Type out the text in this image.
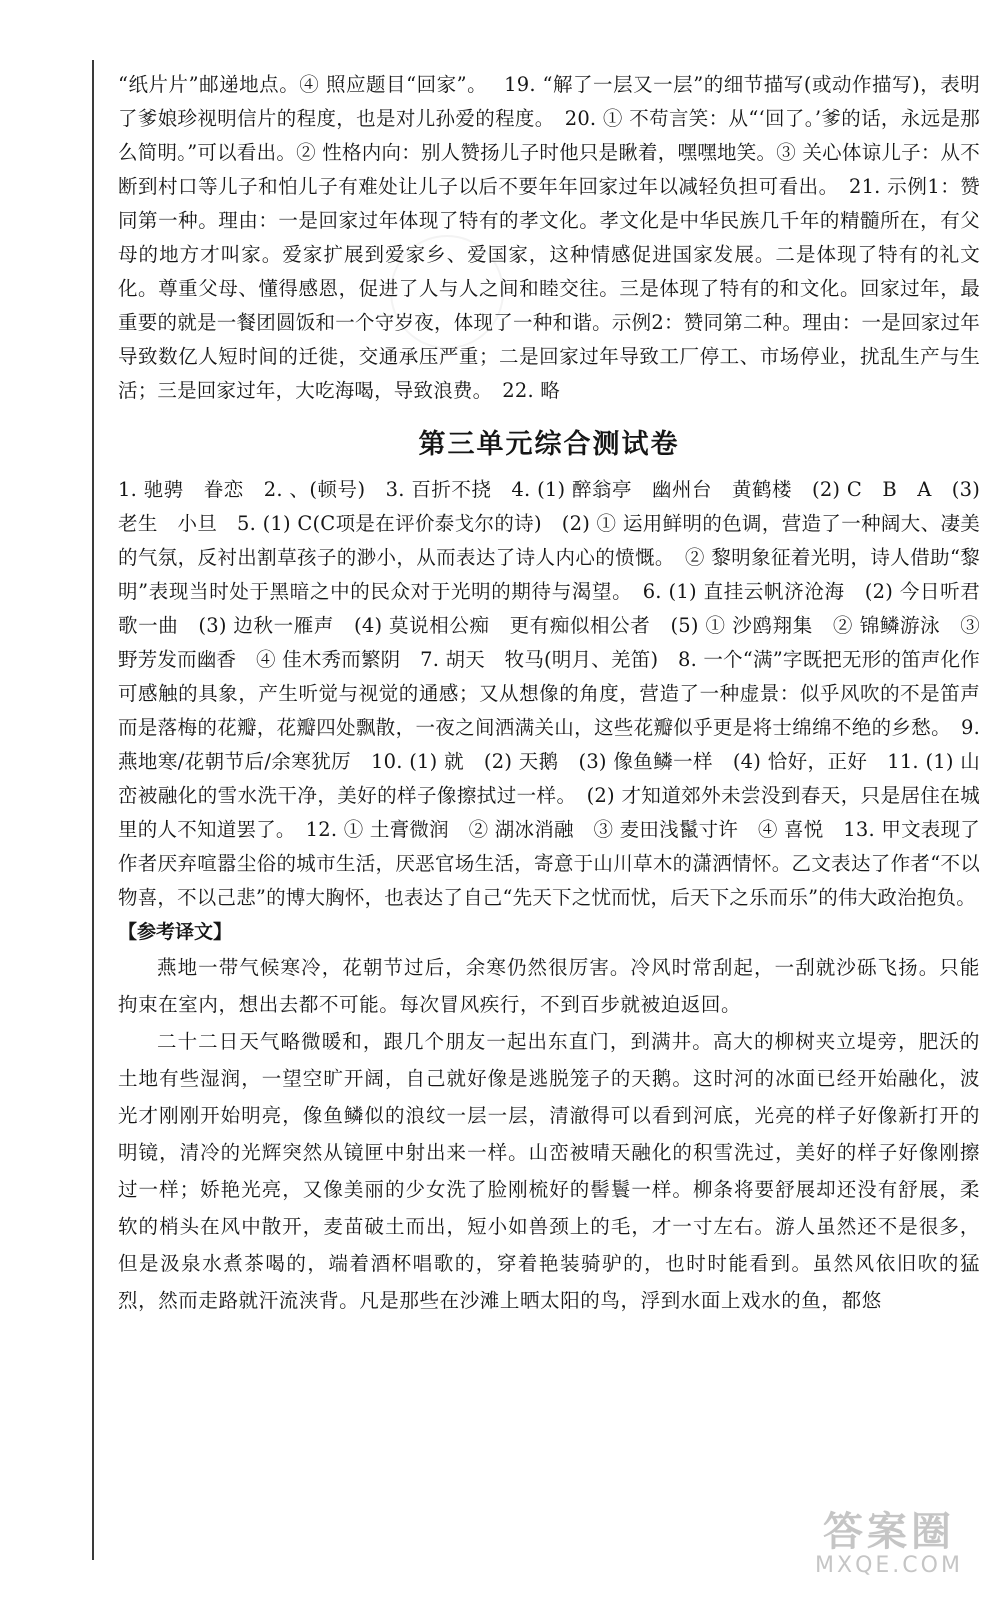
“纸片片”邮递地点。④ 照应题目“回家”。　 19. “解了一层又一层”的细节描写(或动作描写)，表明了爹娘珍视明信片的程度，也是对儿孙爱的程度。　20. ① 不苟言笑：从“‘回了。’爹的话，永远是那么简明。”可以看出。② 性格内向：别人赞扬儿子时他只是瞅着，嘿嘿地笑。③ 关心体谅儿子：从不断到村口等儿子和怕儿子有难处让儿子以后不要年年回家过年以减轻负担可看出。　21. 示例1：赞同第一种。理由：一是回家过年体现了特有的孝文化。孝文化是中华民族几千年的精髓所在，有父母的地方才叫家。爱家扩展到爱家乡、爱国家，这种情感促进国家发展。二是体现了特有的礼文化。尊重父母、懂得感恩，促进了人与人之间和睦交往。三是体现了特有的和文化。回家过年，最重要的就是一餐团圆饭和一个守岁夜，体现了一种和谐。示例2：赞同第二种。理由：一是回家过年导致数亿人短时间的迁徙，交通承压严重；二是回家过年导致工厂停工、市场停业，扰乱生产与生活；三是回家过年，大吃海喝，导致浪费。　22. 略

第三单元综合测试卷

1. 驰骋　眷恋　2. 、(顿号)　3. 百折不挠　4. (1) 醉翁亭　幽州台　黄鹤楼　(2) C　B　A　(3) 老生　小旦　5. (1) C(C项是在评价泰戈尔的诗)　(2) ① 运用鲜明的色调，营造了一种阔大、凄美的气氛，反衬出割草孩子的渺小，从而表达了诗人内心的愤慨。　② 黎明象征着光明，诗人借助“黎明”表现当时处于黑暗之中的民众对于光明的期待与渴望。　6. (1) 直挂云帆济沧海　(2) 今日听君歌一曲　(3) 边秋一雁声　(4) 莫说相公痴　更有痴似相公者　(5) ① 沙鸥翔集　② 锦鳞游泳　③ 野芳发而幽香　④ 佳木秀而繁阴　7. 胡天　牧马(明月、羌笛)　8. 一个“满”字既把无形的笛声化作可感触的具象，产生听觉与视觉的通感；又从想像的角度，营造了一种虚景：似乎风吹的不是笛声而是落梅的花瓣，花瓣四处飘散，一夜之间洒满关山，这些花瓣似乎更是将士绵绵不绝的乡愁。　9. 燕地寒/花朝节后/余寒犹厉　10. (1) 就　(2) 天鹅　(3) 像鱼鳞一样　(4) 恰好，正好　11. (1) 山峦被融化的雪水洗干净，美好的样子像擦拭过一样。　(2) 才知道郊外未尝没到春天，只是居住在城里的人不知道罢了。　12. ① 土膏微润　② 湖冰消融　③ 麦田浅鬣寸许　④ 喜悦　13. 甲文表现了作者厌弃喧嚣尘俗的城市生活，厌恶官场生活，寄意于山川草木的潇洒情怀。乙文表达了作者“不以物喜，不以己悲”的博大胸怀，也表达了自己“先天下之忧而忧，后天下之乐而乐”的伟大政治抱负。

【参考译文】

燕地一带气候寒冷，花朝节过后，余寒仍然很厉害。冷风时常刮起，一刮就沙砾飞扬。只能拘束在室内，想出去都不可能。每次冒风疾行，不到百步就被迫返回。

二十二日天气略微暖和，跟几个朋友一起出东直门，到满井。高大的柳树夹立堤旁，肥沃的土地有些湿润，一望空旷开阔，自己就好像是逃脱笼子的天鹅。这时河的冰面已经开始融化，波光才刚刚开始明亮，像鱼鳞似的浪纹一层一层，清澈得可以看到河底，光亮的样子好像新打开的明镜，清冷的光辉突然从镜匣中射出来一样。山峦被晴天融化的积雪洗过，美好的样子好像刚擦过一样；娇艳光亮，又像美丽的少女洗了脸刚梳好的髻鬟一样。柳条将要舒展却还没有舒展，柔软的梢头在风中散开，麦苗破土而出，短小如兽颈上的毛，才一寸左右。游人虽然还不是很多，但是汲泉水煮茶喝的，端着酒杯唱歌的，穿着艳装骑驴的，也时时能看到。虽然风依旧吹的猛烈，然而走路就汗流浃背。凡是那些在沙滩上晒太阳的鸟，浮到水面上戏水的鱼，都悠

答案圈
MXQE.COM
